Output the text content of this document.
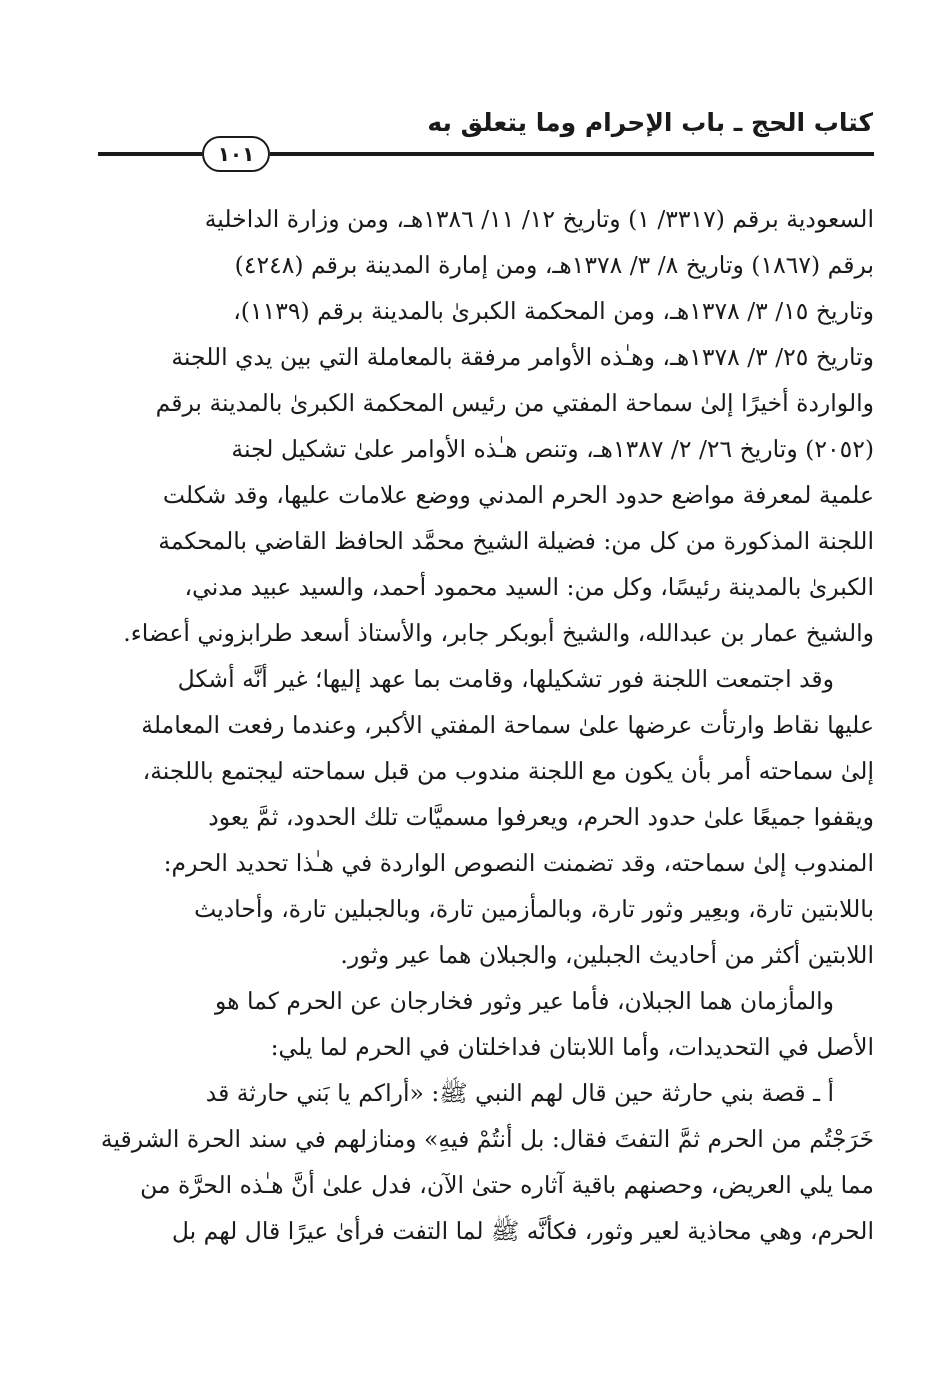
كتاب الحج ـ باب الإحرام وما يتعلق به
١٠١
السعودية برقم (٣٣١٧/ ١) وتاريخ ١٢/ ١١/ ١٣٨٦هـ، ومن وزارة الداخلية
برقم (١٨٦٧) وتاريخ ٨/ ٣/ ١٣٧٨هـ، ومن إمارة المدينة برقم (٤٢٤٨)
وتاريخ ١٥/ ٣/ ١٣٧٨هـ، ومن المحكمة الكبرىٰ بالمدينة برقم (١١٣٩)،
وتاريخ ٢٥/ ٣/ ١٣٧٨هـ، وهـٰذه الأوامر مرفقة بالمعاملة التي بين يدي اللجنة
والواردة أخيرًا إلىٰ سماحة المفتي من رئيس المحكمة الكبرىٰ بالمدينة برقم
(٢٠٥٢) وتاريخ ٢٦/ ٢/ ١٣٨٧هـ، وتنص هـٰذه الأوامر علىٰ تشكيل لجنة
علمية لمعرفة مواضع حدود الحرم المدني ووضع علامات عليها، وقد شكلت
اللجنة المذكورة من كل من: فضيلة الشيخ محمَّد الحافظ القاضي بالمحكمة
الكبرىٰ بالمدينة رئيسًا، وكل من: السيد محمود أحمد، والسيد عبيد مدني،
والشيخ عمار بن عبدالله، والشيخ أبوبكر جابر، والأستاذ أسعد طرابزوني أعضاء.
وقد اجتمعت اللجنة فور تشكيلها، وقامت بما عهد إليها؛ غير أنَّه أشكل
عليها نقاط وارتأت عرضها علىٰ سماحة المفتي الأكبر، وعندما رفعت المعاملة
إلىٰ سماحته أمر بأن يكون مع اللجنة مندوب من قبل سماحته ليجتمع باللجنة،
ويقفوا جميعًا علىٰ حدود الحرم، ويعرفوا مسميَّات تلك الحدود، ثمَّ يعود
المندوب إلىٰ سماحته، وقد تضمنت النصوص الواردة في هـٰذا تحديد الحرم:
باللابتين تارة، وبعِير وثور تارة، وبالمأزمين تارة، وبالجبلين تارة، وأحاديث
اللابتين أكثر من أحاديث الجبلين، والجبلان هما عير وثور.
والمأزمان هما الجبلان، فأما عير وثور فخارجان عن الحرم كما هو
الأصل في التحديدات، وأما اللابتان فداخلتان في الحرم لما يلي:
أ ـ قصة بني حارثة حين قال لهم النبي ﷺ: «أراكم يا بَني حارثة قد
خَرَجْتُم من الحرم ثمَّ التفتَ فقال: بل أنتُمْ فيهِ» ومنازلهم في سند الحرة الشرقية
مما يلي العريض، وحصنهم باقية آثاره حتىٰ الآن، فدل علىٰ أنَّ هـٰذه الحرَّة من
الحرم، وهي محاذية لعير وثور، فكأنَّه ﷺ لما التفت فرأىٰ عيرًا قال لهم بل
